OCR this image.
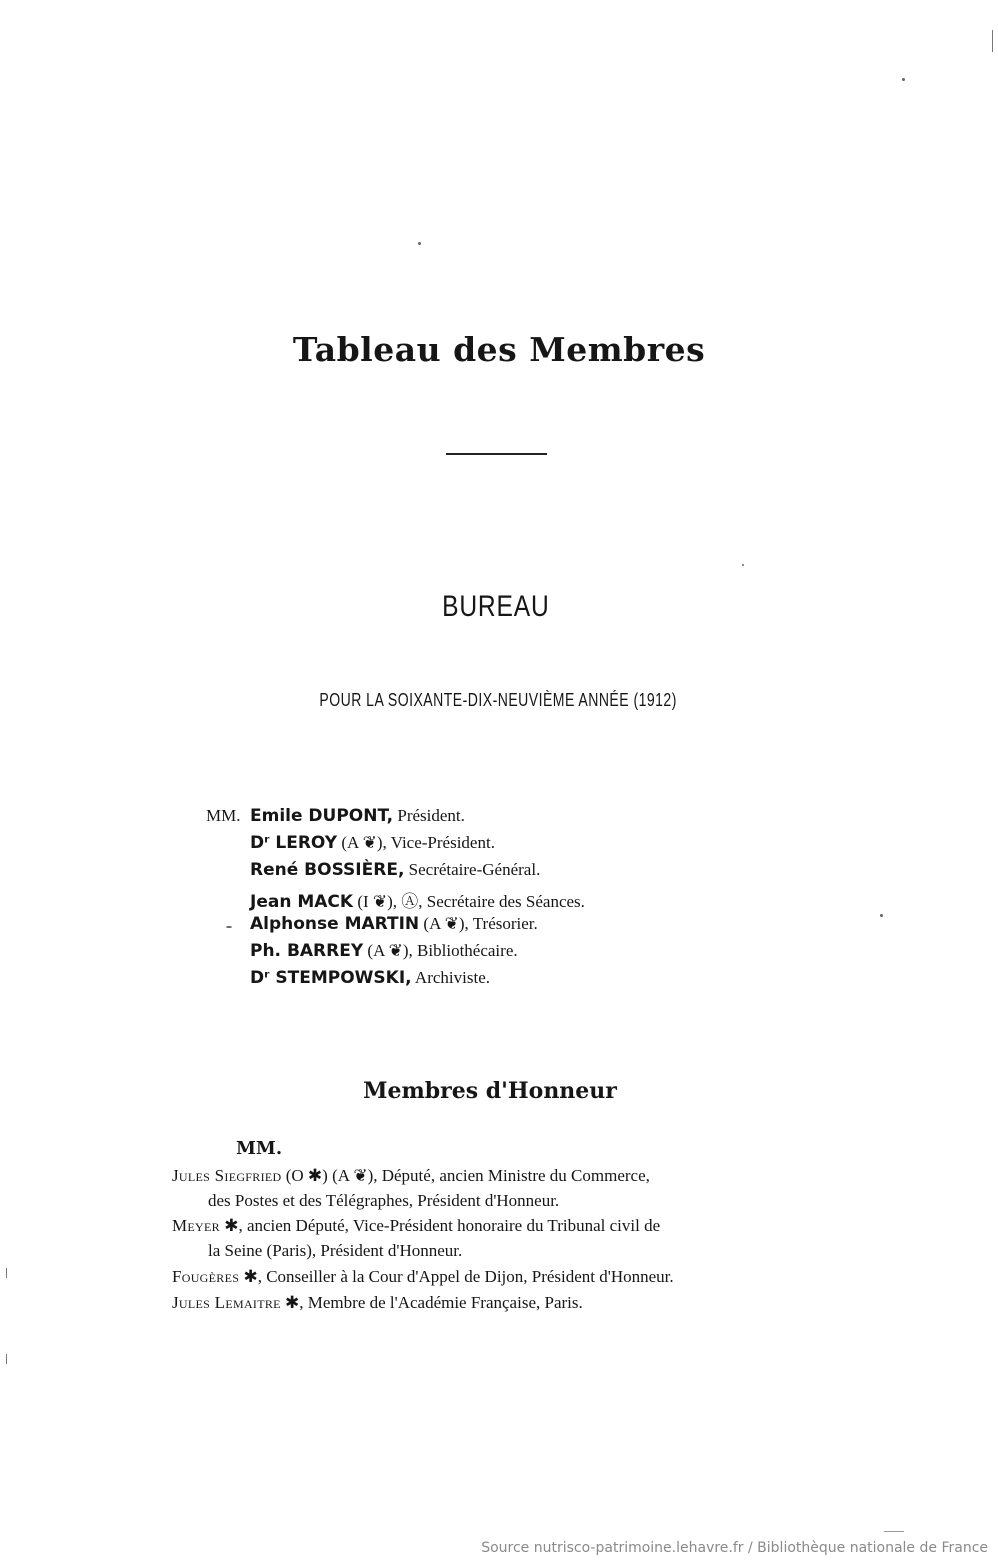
Tableau des Membres
BUREAU
POUR LA SOIXANTE-DIX-NEUVIÈME ANNÉE (1912)
MM. Emile DUPONT, Président.
Dʳ LEROY (A ❦), Vice-Président.
René BOSSIÈRE, Secrétaire-Général.
Jean MACK (I ❦), Ⓐ, Secrétaire des Séances.
Alphonse MARTIN (A ❦), Trésorier.
Ph. BARREY (A ❦), Bibliothécaire.
Dʳ STEMPOWSKI, Archiviste.
Membres d'Honneur
MM.
Jules Siegfried (O ✱) (A ❦), Député, ancien Ministre du Commerce,
des Postes et des Télégraphes, Président d'Honneur.
Meyer ✱, ancien Député, Vice-Président honoraire du Tribunal civil de
la Seine (Paris), Président d'Honneur.
Fougères ✱, Conseiller à la Cour d'Appel de Dijon, Président d'Honneur.
Jules Lemaitre ✱, Membre de l'Académie Française, Paris.
Source nutrisco-patrimoine.lehavre.fr / Bibliothèque nationale de France
